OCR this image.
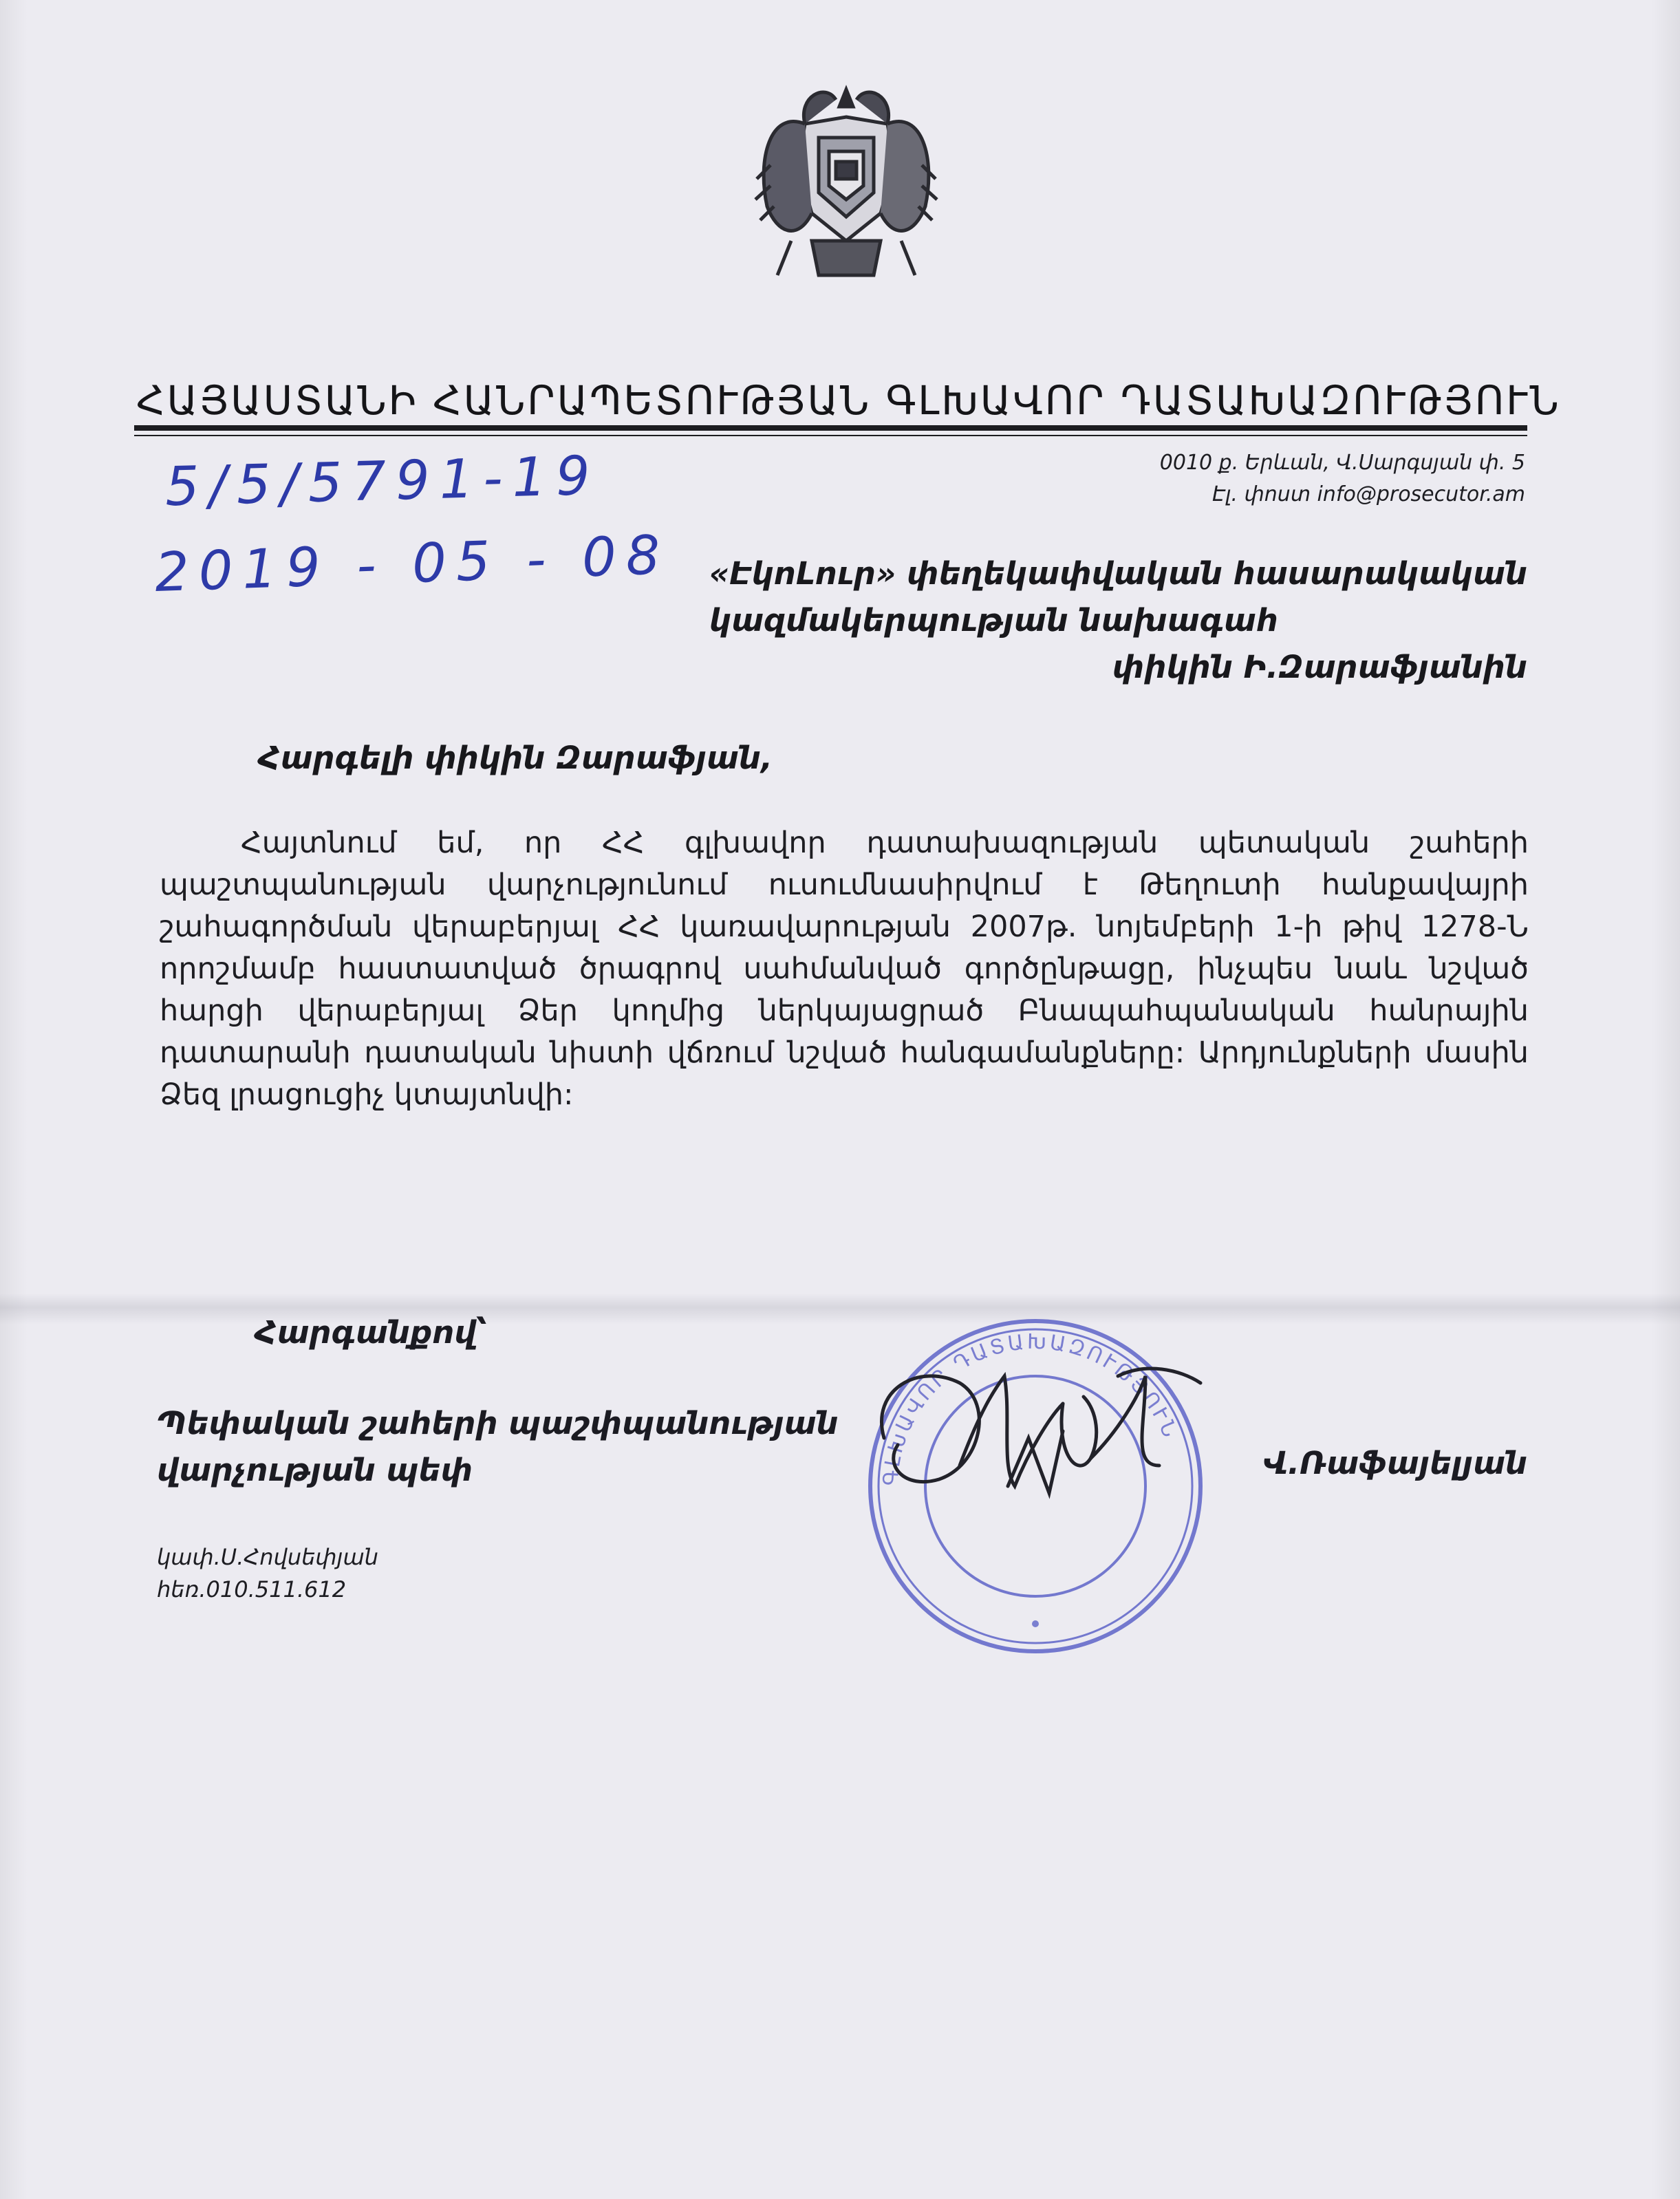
ՀԱՅԱՍՏԱՆԻ ՀԱՆՐԱՊԵՏՈՒԹՅԱՆ ԳԼԽԱՎՈՐ ԴԱՏԱԽԱԶՈՒԹՅՈՒՆ
0010 ք. Երևան, Վ.Սարգսյան փ. 5
Էլ. փոստ info@prosecutor.am
5/5/5791-19
2019 - 05 - 08 «ԷկոԼուր» փեղեկափվական հասարակական
կազմակերպության նախագահ
փիկին Ի.Զարաֆյանին
Հարգելի փիկին Զարաֆյան,
Հայտնում եմ, որ ՀՀ գլխավոր դատախազության պետական շահերի պաշտպանության վարչությունում ուսումնասիրվում է Թեղուտի հանքավայրի շահագործման վերաբերյալ ՀՀ կառավարության 2007թ. նոյեմբերի 1-ի թիվ 1278-Ն որոշմամբ հաստատված ծրագրով սահմանված գործընթացը, ինչպես նաև նշված հարցի վերաբերյալ Ձեր կողմից ներկայացրած Բնապահպանական հանրային դատարանի դատական նիստի վճռում նշված հանգամանքները: Արդյունքների մասին Ձեզ լրացուցիչ կտայտնվի:
Հարգանքով՝
Պեփական շահերի պաշփպանության
վարչության պեփ	ԳԼԽԱՎՈՐ ԴԱՏԱԽԱԶՈՒԹՅՈՒՆ
Վ.Ռաֆայելյան
կափ.Ս.Հովսեփյան
հեռ.010.511.612
